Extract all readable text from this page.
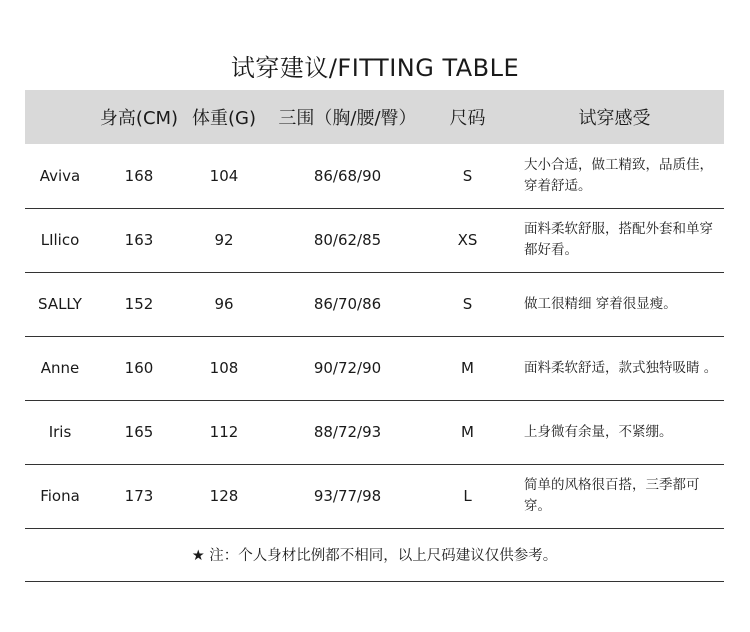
试穿建议/FITTING TABLE
	身高(CM)	体重(G)	三围（胸/腰/臀）	尺码	试穿感受
Aviva	168	104	86/68/90	S	大小合适，做工精致，品质佳，穿着舒适。
LIlico	163	92	80/62/85	XS	面料柔软舒服，搭配外套和单穿都好看。
SALLY	152	96	86/70/86	S	做工很精细 穿着很显瘦。
Anne	160	108	90/72/90	M	面料柔软舒适，款式独特吸睛 。
Iris	165	112	88/72/93	M	上身微有余量，不紧绷。
Fiona	173	128	93/77/98	L	简单的风格很百搭，三季都可穿。
★ 注：个人身材比例都不相同，以上尺码建议仅供参考。					
